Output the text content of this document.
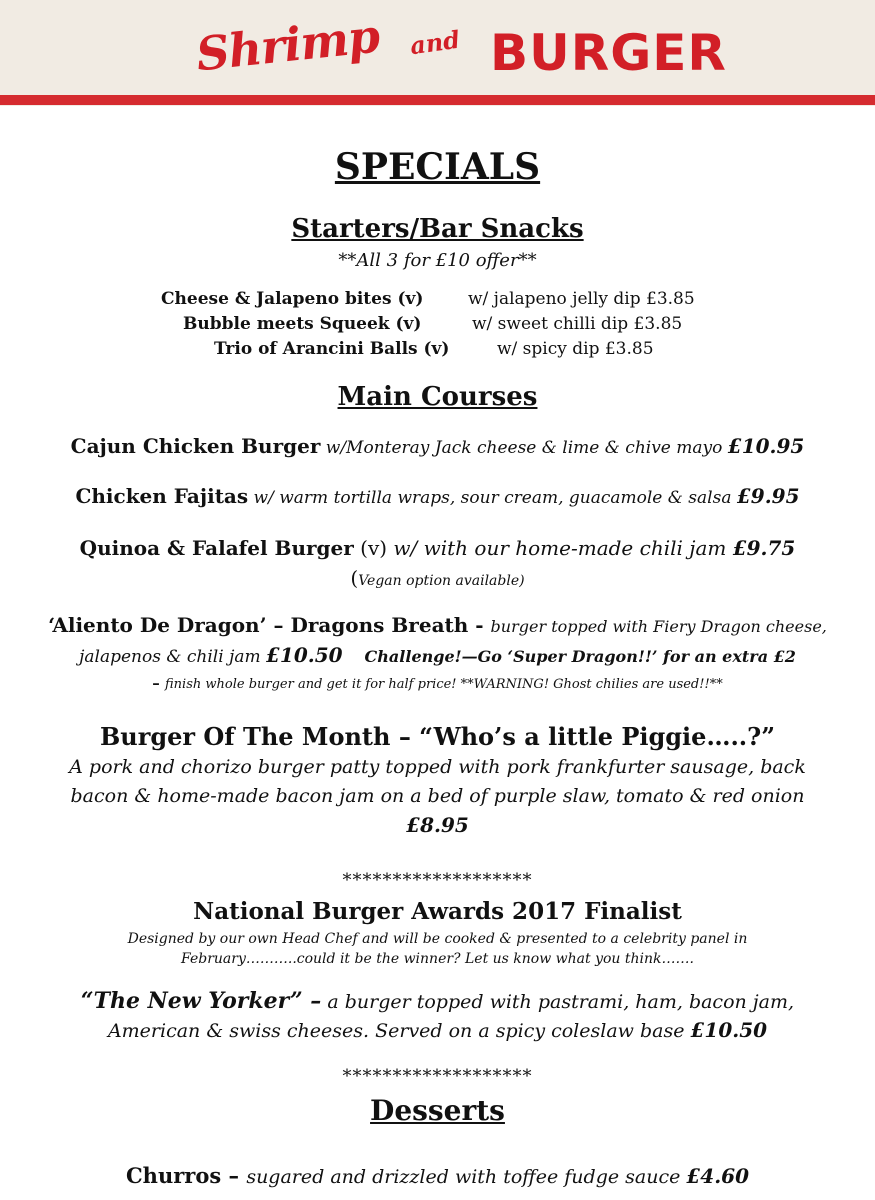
Shrimp and BURGER
SPECIALS
Starters/Bar Snacks
**All 3 for £10 offer**
Cheese & Jalapeno bites (v)	w/ jalapeno jelly dip £3.85
Bubble meets Squeek (v)	w/ sweet chilli dip £3.85
Trio of Arancini Balls (v)	w/ spicy dip £3.85
Main Courses
Cajun Chicken Burger w/Monteray Jack cheese & lime & chive mayo £10.95
Chicken Fajitas w/ warm tortilla wraps, sour cream, guacamole & salsa £9.95
Quinoa & Falafel Burger (v) w/ with our home-made chili jam £9.75
(Vegan option available)
‘Aliento De Dragon’ – Dragons Breath - burger topped with Fiery Dragon cheese,
jalapenos & chili jam £10.50 Challenge!—Go ‘Super Dragon!!’ for an extra £2
– finish whole burger and get it for half price! **WARNING! Ghost chilies are used!!**
Burger Of The Month – “Who’s a little Piggie…..?”
A pork and chorizo burger patty topped with pork frankfurter sausage, back
bacon & home-made bacon jam on a bed of purple slaw, tomato & red onion
£8.95
*******************
National Burger Awards 2017 Finalist
Designed by our own Head Chef and will be cooked & presented to a celebrity panel in
February………..could it be the winner? Let us know what you think…….
“The New Yorker” – a burger topped with pastrami, ham, bacon jam,
American & swiss cheeses. Served on a spicy coleslaw base £10.50
*******************
Desserts
Churros – sugared and drizzled with toffee fudge sauce £4.60
